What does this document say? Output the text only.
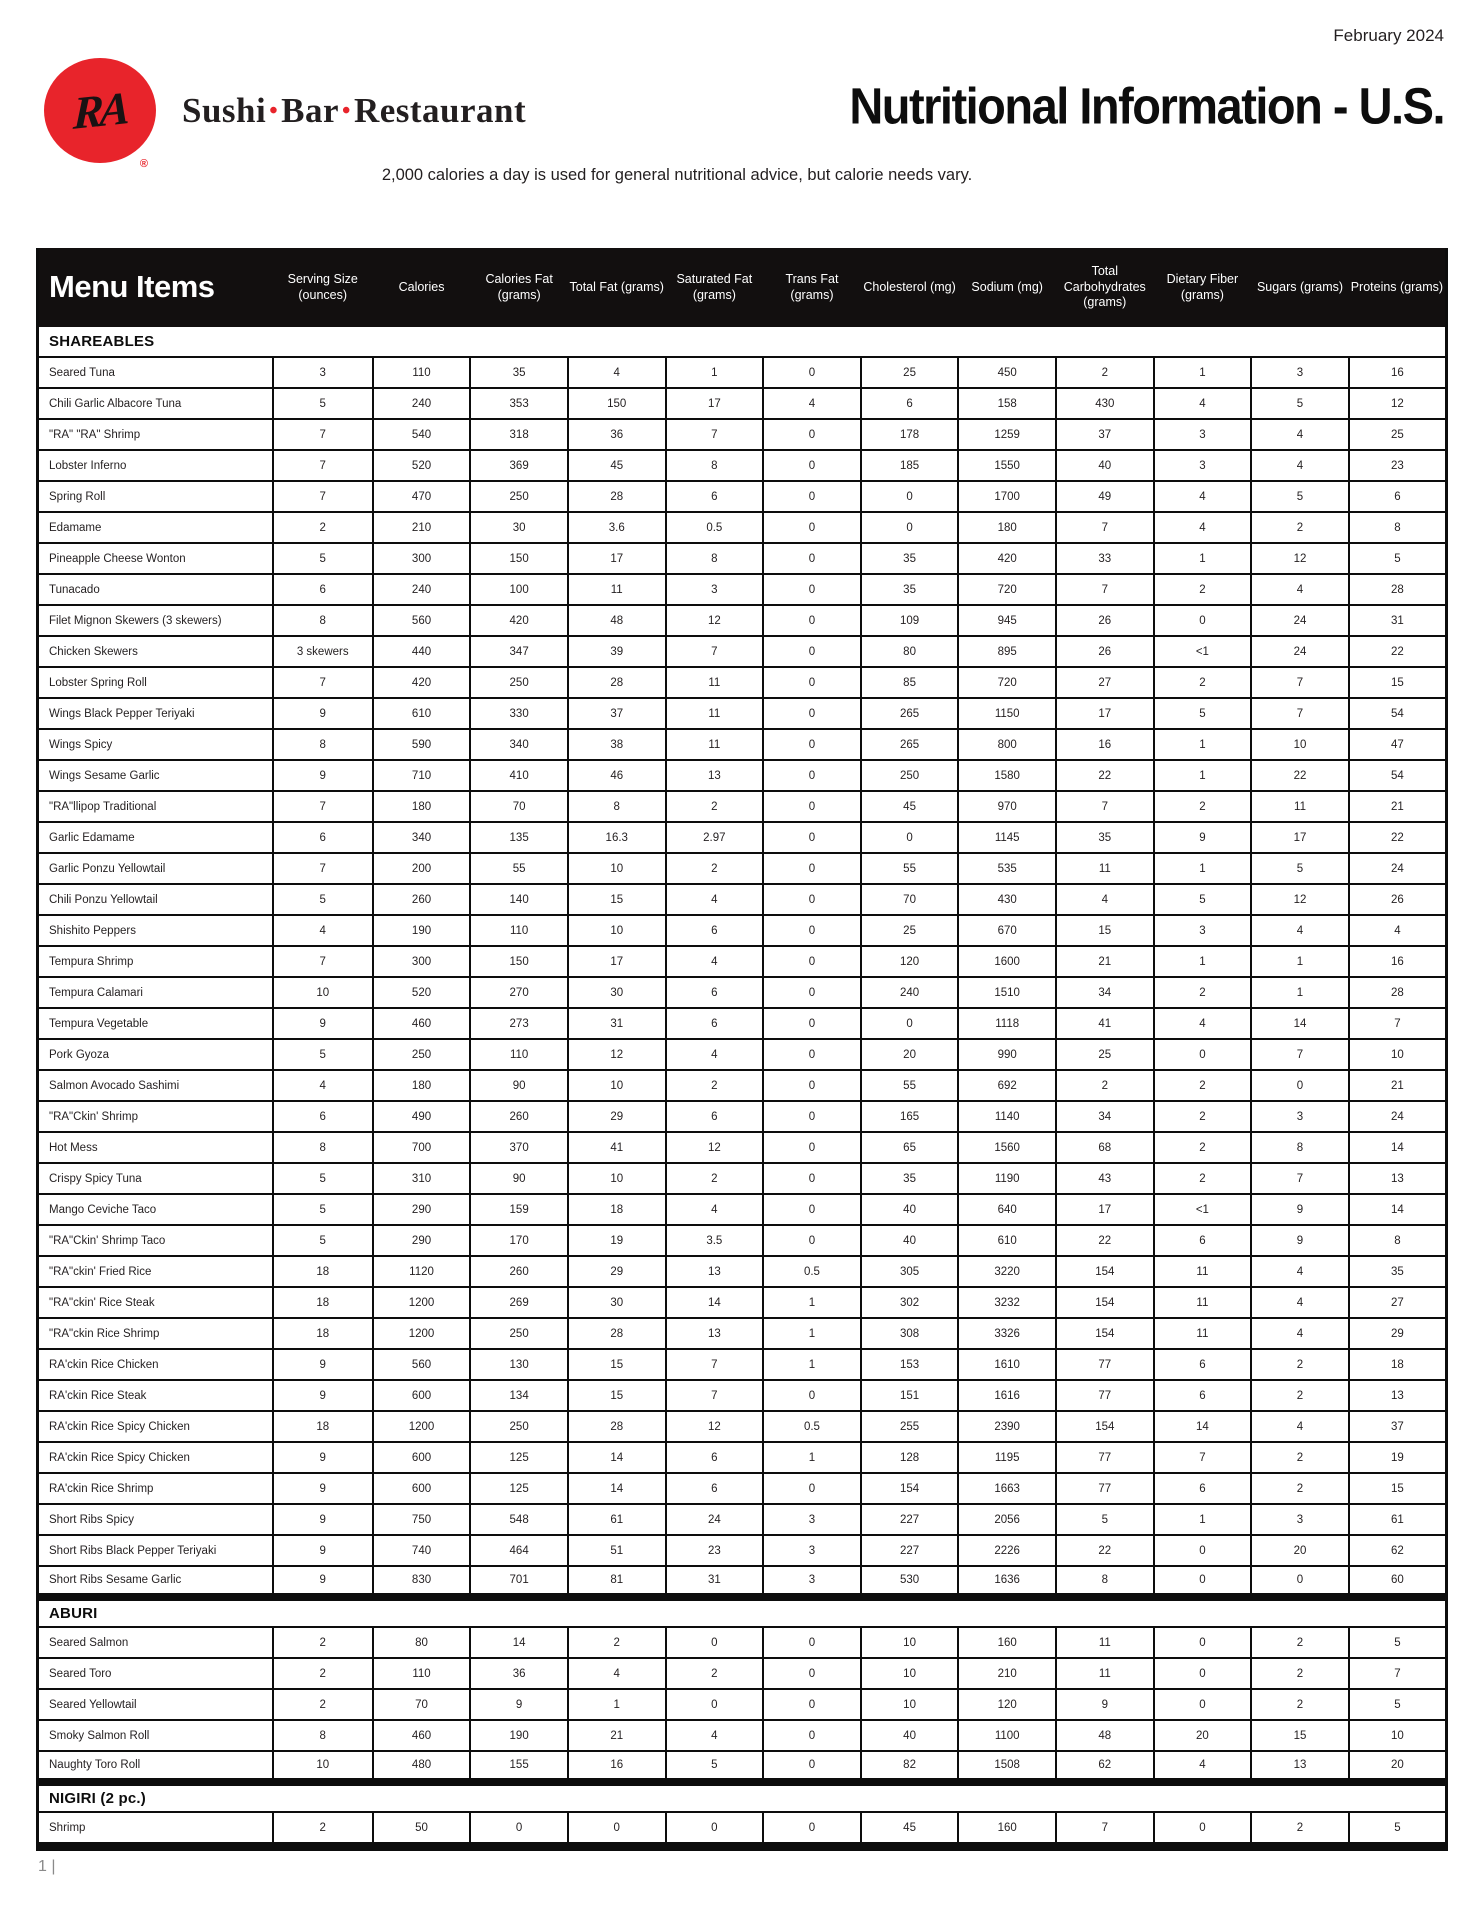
February 2024
RA
®
Sushi •Bar •Restaurant	Nutritional Information - U.S.
2,000 calories a day is used for general nutritional advice, but calorie needs vary.
Menu Items	Serving Size (ounces)	Calories	Calories Fat (grams)	Total Fat (grams)	Saturated Fat (grams)	Trans Fat (grams)	Cholesterol (mg)	Sodium (mg)	Total Carbohydrates (grams)	Dietary Fiber (grams)	Sugars (grams)	Proteins (grams)
SHAREABLES												
Seared Tuna	3	110	35	4	1	0	25	450	2	1	3	16
Chili Garlic Albacore Tuna	5	240	353	150	17	4	6	158	430	4	5	12
"RA" "RA" Shrimp	7	540	318	36	7	0	178	1259	37	3	4	25
Lobster Inferno	7	520	369	45	8	0	185	1550	40	3	4	23
Spring Roll	7	470	250	28	6	0	0	1700	49	4	5	6
Edamame	2	210	30	3.6	0.5	0	0	180	7	4	2	8
Pineapple Cheese Wonton	5	300	150	17	8	0	35	420	33	1	12	5
Tunacado	6	240	100	11	3	0	35	720	7	2	4	28
Filet Mignon Skewers (3 skewers)	8	560	420	48	12	0	109	945	26	0	24	31
Chicken Skewers	3 skewers	440	347	39	7	0	80	895	26	<1	24	22
Lobster Spring Roll	7	420	250	28	11	0	85	720	27	2	7	15
Wings Black Pepper Teriyaki	9	610	330	37	11	0	265	1150	17	5	7	54
Wings Spicy	8	590	340	38	11	0	265	800	16	1	10	47
Wings Sesame Garlic	9	710	410	46	13	0	250	1580	22	1	22	54
"RA"llipop Traditional	7	180	70	8	2	0	45	970	7	2	11	21
Garlic Edamame	6	340	135	16.3	2.97	0	0	1145	35	9	17	22
Garlic Ponzu Yellowtail	7	200	55	10	2	0	55	535	11	1	5	24
Chili Ponzu Yellowtail	5	260	140	15	4	0	70	430	4	5	12	26
Shishito Peppers	4	190	110	10	6	0	25	670	15	3	4	4
Tempura Shrimp	7	300	150	17	4	0	120	1600	21	1	1	16
Tempura Calamari	10	520	270	30	6	0	240	1510	34	2	1	28
Tempura Vegetable	9	460	273	31	6	0	0	1118	41	4	14	7
Pork Gyoza	5	250	110	12	4	0	20	990	25	0	7	10
Salmon Avocado Sashimi	4	180	90	10	2	0	55	692	2	2	0	21
"RA"Ckin' Shrimp	6	490	260	29	6	0	165	1140	34	2	3	24
Hot Mess	8	700	370	41	12	0	65	1560	68	2	8	14
Crispy Spicy Tuna	5	310	90	10	2	0	35	1190	43	2	7	13
Mango Ceviche Taco	5	290	159	18	4	0	40	640	17	<1	9	14
"RA"Ckin' Shrimp Taco	5	290	170	19	3.5	0	40	610	22	6	9	8
"RA"ckin' Fried Rice	18	1120	260	29	13	0.5	305	3220	154	11	4	35
"RA"ckin' Rice Steak	18	1200	269	30	14	1	302	3232	154	11	4	27
"RA"ckin Rice Shrimp	18	1200	250	28	13	1	308	3326	154	11	4	29
RA'ckin Rice Chicken	9	560	130	15	7	1	153	1610	77	6	2	18
RA'ckin Rice Steak	9	600	134	15	7	0	151	1616	77	6	2	13
RA'ckin Rice Spicy Chicken	18	1200	250	28	12	0.5	255	2390	154	14	4	37
RA'ckin Rice Spicy Chicken	9	600	125	14	6	1	128	1195	77	7	2	19
RA'ckin Rice Shrimp	9	600	125	14	6	0	154	1663	77	6	2	15
Short Ribs Spicy	9	750	548	61	24	3	227	2056	5	1	3	61
Short Ribs Black Pepper Teriyaki	9	740	464	51	23	3	227	2226	22	0	20	62
Short Ribs Sesame Garlic	9	830	701	81	31	3	530	1636	8	0	0	60
ABURI												
Seared Salmon	2	80	14	2	0	0	10	160	11	0	2	5
Seared Toro	2	110	36	4	2	0	10	210	11	0	2	7
Seared Yellowtail	2	70	9	1	0	0	10	120	9	0	2	5
Smoky Salmon Roll	8	460	190	21	4	0	40	1100	48	20	15	10
Naughty Toro Roll	10	480	155	16	5	0	82	1508	62	4	13	20
NIGIRI (2 pc.)												
Shrimp	2	50	0	0	0	0	45	160	7	0	2	5
1 |
